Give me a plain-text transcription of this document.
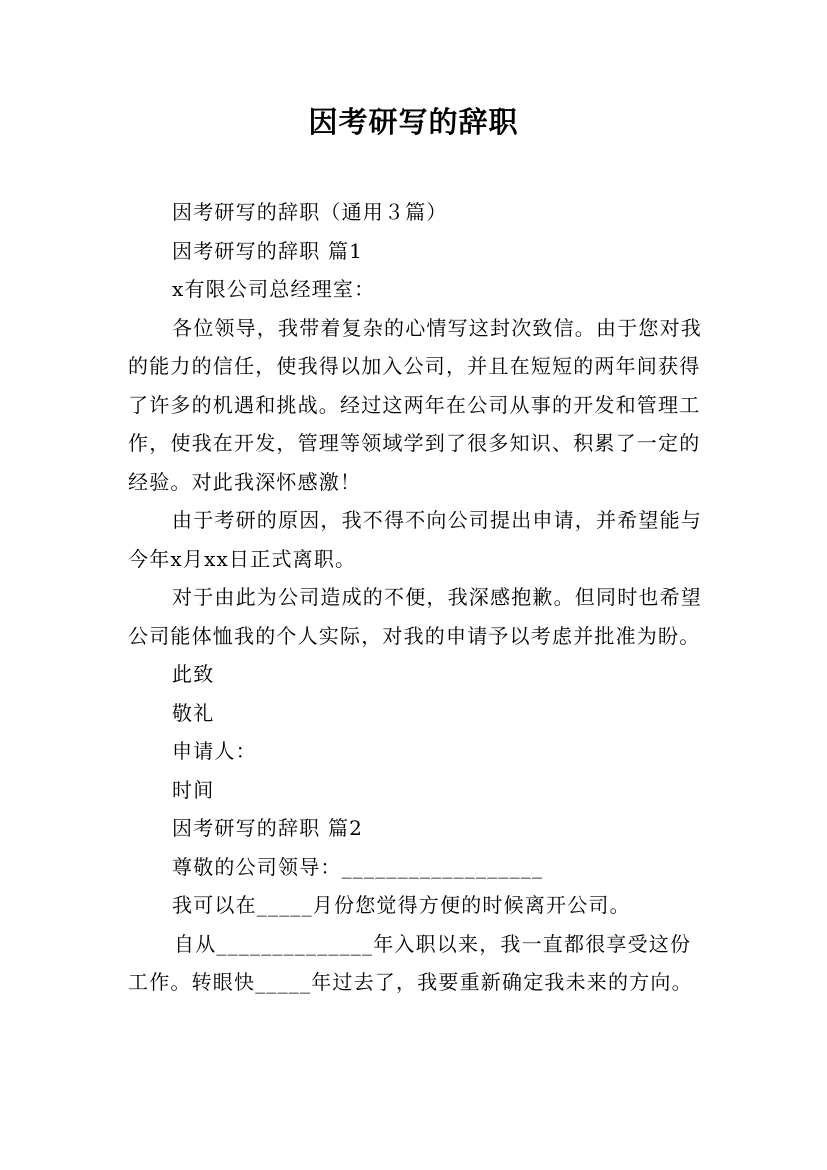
因考研写的辞职

因考研写的辞职（通用３篇）

因考研写的辞职 篇1

x有限公司总经理室：

各位领导，我带着复杂的心情写这封次致信。由于您对我的能力的信任，使我得以加入公司，并且在短短的两年间获得了许多的机遇和挑战。经过这两年在公司从事的开发和管理工作，使我在开发，管理等领域学到了很多知识、积累了一定的经验。对此我深怀感激！

由于考研的原因，我不得不向公司提出申请，并希望能与今年x月xx日正式离职。

对于由此为公司造成的不便，我深感抱歉。但同时也希望公司能体恤我的个人实际，对我的申请予以考虑并批准为盼。

此致

敬礼

申请人：

时间

因考研写的辞职 篇2

尊敬的公司领导：__________________

我可以在_____月份您觉得方便的时候离开公司。

自从______________年入职以来，我一直都很享受这份工作。转眼快_____年过去了，我要重新确定我未来的方向。
